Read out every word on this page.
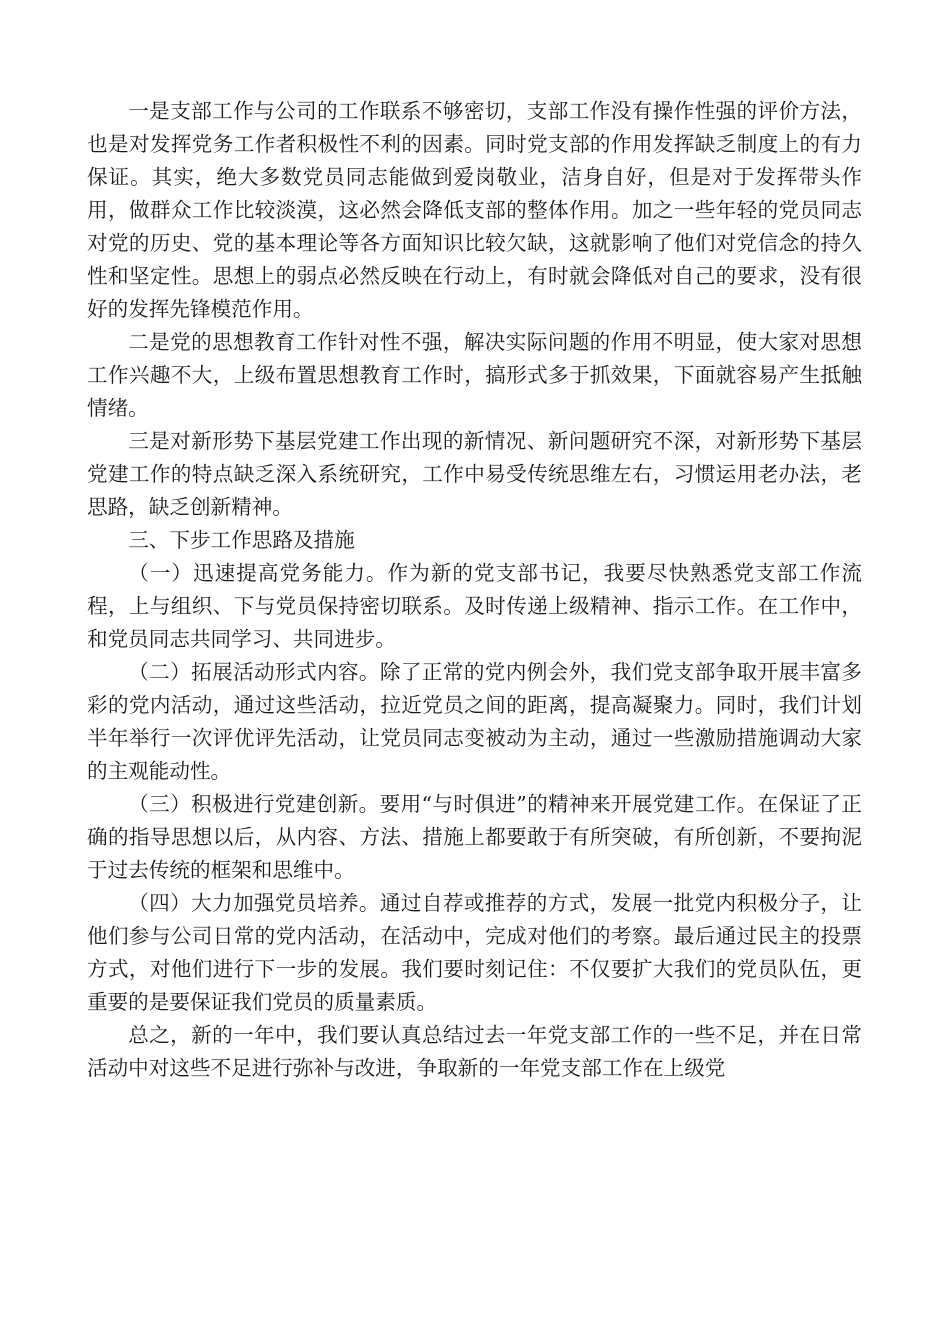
一是支部工作与公司的工作联系不够密切，支部工作没有操作性强的评价方法，也是对发挥党务工作者积极性不利的因素。同时党支部的作用发挥缺乏制度上的有力保证。其实，绝大多数党员同志能做到爱岗敬业，洁身自好，但是对于发挥带头作用，做群众工作比较淡漠，这必然会降低支部的整体作用。加之一些年轻的党员同志对党的历史、党的基本理论等各方面知识比较欠缺，这就影响了他们对党信念的持久性和坚定性。思想上的弱点必然反映在行动上，有时就会降低对自己的要求，没有很好的发挥先锋模范作用。

二是党的思想教育工作针对性不强，解决实际问题的作用不明显，使大家对思想工作兴趣不大，上级布置思想教育工作时，搞形式多于抓效果，下面就容易产生抵触情绪。

三是对新形势下基层党建工作出现的新情况、新问题研究不深，对新形势下基层党建工作的特点缺乏深入系统研究，工作中易受传统思维左右，习惯运用老办法，老思路，缺乏创新精神。

三、下步工作思路及措施

（一）迅速提高党务能力。作为新的党支部书记，我要尽快熟悉党支部工作流程，上与组织、下与党员保持密切联系。及时传递上级精神、指示工作。在工作中，和党员同志共同学习、共同进步。

（二）拓展活动形式内容。除了正常的党内例会外，我们党支部争取开展丰富多彩的党内活动，通过这些活动，拉近党员之间的距离，提高凝聚力。同时，我们计划半年举行一次评优评先活动，让党员同志变被动为主动，通过一些激励措施调动大家的主观能动性。

（三）积极进行党建创新。要用“与时俱进”的精神来开展党建工作。在保证了正确的指导思想以后，从内容、方法、措施上都要敢于有所突破，有所创新，不要拘泥于过去传统的框架和思维中。

（四）大力加强党员培养。通过自荐或推荐的方式，发展一批党内积极分子，让他们参与公司日常的党内活动，在活动中，完成对他们的考察。最后通过民主的投票方式，对他们进行下一步的发展。我们要时刻记住：不仅要扩大我们的党员队伍，更重要的是要保证我们党员的质量素质。

总之，新的一年中，我们要认真总结过去一年党支部工作的一些不足，并在日常活动中对这些不足进行弥补与改进，争取新的一年党支部工作在上级党
